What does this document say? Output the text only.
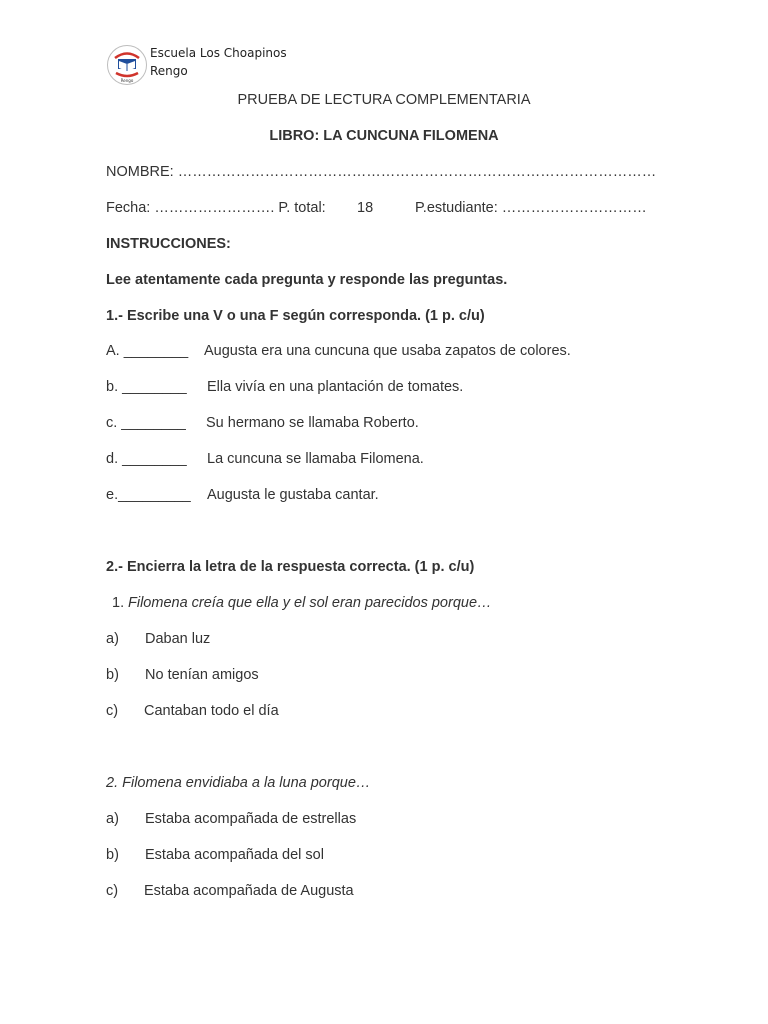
Rengo
Escuela Los Choapinos
Rengo
PRUEBA DE LECTURA COMPLEMENTARIA
LIBRO: LA CUNCUNA FILOMENA
NOMBRE: ………………………………………………………………………………………
Fecha: ……………………. P. total: 18	P.estudiante: …………………………
INSTRUCCIONES:
Lee atentamente cada pregunta y responde las preguntas.
1.- Escribe una V o una F según corresponda. (1 p. c/u)
A. ________ Augusta era una cuncuna que usaba zapatos de colores.
b. ________ Ella vivía en una plantación de tomates.
c. ________ Su hermano se llamaba Roberto.
d. ________ La cuncuna se llamaba Filomena.
e._________ Augusta le gustaba cantar.
2.- Encierra la letra de la respuesta correcta. (1 p. c/u)
1. Filomena creía que ella y el sol eran parecidos porque…
a) Daban luz
b) No tenían amigos
c) Cantaban todo el día
2. Filomena envidiaba a la luna porque…
a) Estaba acompañada de estrellas
b) Estaba acompañada del sol
c) Estaba acompañada de Augusta
